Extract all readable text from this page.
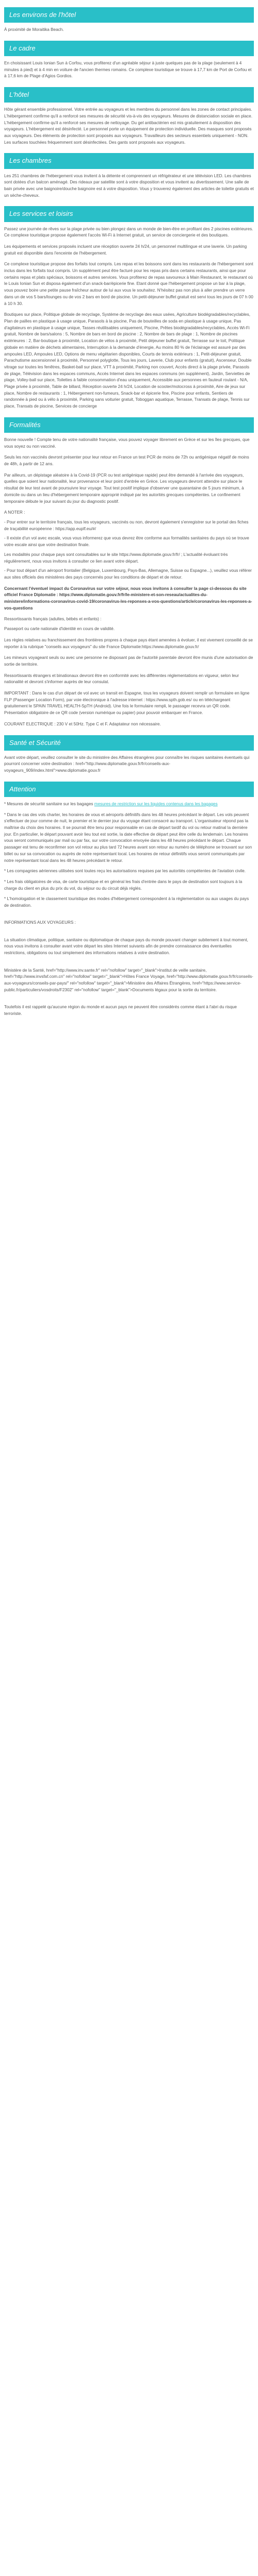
Les environs de l'hôtel

À proximité de Moraitika Beach.

Le cadre

En choisissant Louis Ionian Sun à Corfou, vous profiterez d'un agréable séjour à juste quelques pas de la plage (seulement à 4 minutes à pied) et à 4 min en voiture de l'ancien thermes romains. Ce complexe touristique se trouve à 17,7 km de Port de Corfou et à 17,6 km de Plage d'Agios Gordios.

L'hôtel

Hôte gérant ensemble professionnel. Votre entrée au voyageurs et les membres du personnel dans les zones de contact principales. L'hébergement confirme qu'il a renforcé ses mesures de sécurité vis-à-vis des voyageurs. Mesures de distanciation sociale en place. L'hébergement confirme qu'il a renforcé ses mesures de nettoyage. Du gel antibactérien est mis gratuitement à disposition des voyageurs. L'hébergement est désinfecté. Le personnel porte un équipement de protection individuelle. Des masques sont proposés aux voyageurs. Des éléments de protection sont proposés aux voyageurs. Travailleurs des secteurs essentiels uniquement - NON. Les surfaces touchées fréquemment sont désinfectées. Des gants sont proposés aux voyageurs.

Les chambres

Les 251 chambres de l'hébergement vous invitent à la détente et comprennent un réfrigérateur et une télévision LED. Les chambres sont dotées d'un balcon aménagé. Des rideaux par satellite sont à votre disposition et vous invitent au divertissement. Une salle de bain privée avec une baignoire/douche baignoire est à votre disposition. Vous y trouverez également des articles de toilette gratuits et un sèche-cheveux.

Les services et loisirs

Passez une journée de rêves sur la plage privée ou bien plongez dans un monde de bien-être en profitant des 2 piscines extérieures. Ce complexe touristique propose également l'accès Wi-Fi à Internet gratuit, un service de conciergerie et des boutiques.

Les équipements et services proposés incluent une réception ouverte 24 h/24, un personnel multilingue et une laverie. Un parking gratuit est disponible dans l'enceinte de l'hébergement.

Ce complexe touristique propose des forfaits tout compris. Les repas et les boissons sont dans les restaurants de l'hébergement sont inclus dans les forfaits tout compris. Un supplément peut être facturé pour les repas pris dans certains restaurants, ainsi que pour certains repas et plats spéciaux, boissons et autres services. Vous profiterez de repas savoureux à Main Restaurant, le restaurant où le Louis Ionian Sun et disposa également d'un snack-bar/épicerie fine. Etant donné que l'hébergement propose un bar à la plage, vous pouvez boire une petite pause fraîcheur autour de lui aux vous le souhaitez. N'hésitez pas non plus à aller prendre un verre dans un de vos 5 bars/lounges ou de vos 2 bars en bord de piscine. Un petit-déjeuner buffet gratuit est servi tous les jours de 07 h 00 à 10 h 30.

Boutiques sur place, Politique globale de recyclage, Système de recyclage des eaux usées, Agriculture biodégradables/recyclables, Plan de pailles en plastique à usage unique, Parasols à la piscine, Pas de bouteilles de soda en plastique à usage unique, Pas d'agitateurs en plastique à usage unique, Tasses réutilisables uniquement, Piscine, Prêtes biodégradables/recyclables, Accès Wi-Fi gratuit, Nombre de bars/salons : 5, Nombre de bars en bord de piscine : 2, Nombre de bars de plage : 1, Nombre de piscines extérieures : 2, Bar-boutique à proximité, Location de vélos à proximité, Petit déjeuner buffet gratuit, Terrasse sur le toit, Politique globale en matière de déchets alimentaires, Interruption à la demande d'énergie, Au moins 80 % de l'éclairage est assuré par des ampoules LED, Ampoules LED, Options de menu végétarien disponibles, Courts de tennis extérieurs : 1, Petit-déjeuner gratuit, Parachutisme ascensionnel à proximité, Personnel polyglotte, Tous les jours, Laverie, Club pour enfants (gratuit), Ascenseur, Double vitrage sur toutes les fenêtres, Basket-ball sur place, VTT à proximité, Parking non couvert, Accès direct à la plage privée, Parasols de plage, Télévision dans les espaces communs, Accès Internet dans les espaces communs (en supplément), Jardin, Serviettes de plage, Volley-ball sur place, Toilettes à faible consommation d'eau uniquement, Accessible aux personnes en fauteuil roulant - N/A, Plage privée à proximité, Table de billard, Réception ouverte 24 h/24, Location de scooter/motocross à proximité, Aire de jeux sur place, Nombre de restaurants : 1, Hébergement non-fumeurs, Snack-bar et épicerie fine, Piscine pour enfants, Sentiers de randonnée à pied ou à vélo à proximité, Parking sans voiturier gratuit, Toboggan aquatique, Terrasse, Transats de plage, Tennis sur place, Transats de piscine, Services de concierge

Formalités

Bonne nouvelle ! Compte tenu de votre nationalité française, vous pouvez voyager librement en Grèce et sur les îles grecques, que vous soyez ou non vacciné.

Seuls les non vaccinés devront présenter pour leur retour en France un test PCR de moins de 72h ou antigénique négatif de moins de 48h, à partir de 12 ans.

Par ailleurs, un dépistage aléatoire à la Covid-19 (PCR ou test antigénique rapide) peut être demandé à l'arrivée des voyageurs, quelles que soient leur nationalité, leur provenance et leur point d'entrée en Grèce. Les voyageurs devront attendre sur place le résultat de leur test avant de poursuivre leur voyage. Tout test positif implique d'observer une quarantaine de 5 jours minimum, à domicile ou dans un lieu d'hébergement temporaire approprié indiqué par les autorités grecques compétentes. Le confinement temporaire débute le jour suivant du jour du diagnostic positif.

A NOTER :

- Pour entrer sur le territoire français, tous les voyageurs, vaccinés ou non, devront également s'enregistrer sur le portail des fiches de traçabilité européenne : https://app.euplf.eu/#/

- Il existe d'un vol avec escale, vous vous informerez que vous devrez être conforme aux formalités sanitaires du pays où se trouve votre escale ainsi que votre destination finale.

Les modalités pour chaque pays sont consultables sur le site https://www.diplomatie.gouv.fr/fr/ ; L'actualité évoluant très régulièrement, nous vous invitons à consulter ce lien avant votre départ.

- Pour tout départ d'un aéroport frontalier (Belgique, Luxembourg, Pays-Bas, Allemagne, Suisse ou Espagne...), veuillez vous référer aux sites officiels des ministères des pays concernés pour les conditions de départ et de retour.

Concernant l'éventuel impact du Coronavirus sur votre séjour, nous vous invitons à consulter la page ci-dessous du site officiel France Diplomatie : https://www.diplomatie.gouv.fr/fr/le-ministere-et-son-reseau/actualites-du-ministere/informations-coronavirus-covid-19/coronavirus-les-reponses-a-vos-questions/article/coronavirus-les-reponses-a-vos-questions

Ressortissants français (adultes, bébés et enfants) :

Passeport ou carte nationale d'identité en cours de validité.

Les règles relatives au franchissement des frontières propres à chaque pays étant amenées à évoluer, il est vivement conseillé de se reporter à la rubrique "conseils aux voyageurs" du site France Diplomatie:https://www.diplomatie.gouv.fr/

Les mineurs voyageant seuls ou avec une personne ne disposant pas de l'autorité parentale devront être munis d'une autorisation de sortie de territoire.

Ressortissants étrangers et binationaux devront être en conformité avec les différentes réglementations en vigueur, selon leur nationalité et devront s'informer auprès de leur consulat.

IMPORTANT : Dans le cas d'un départ de vol avec un transit en Espagne, tous les voyageurs doivent remplir un formulaire en ligne FLP (Passenger Location Form), par voie électronique à l'adresse internet : https://www.spth.gob.es/ ou en téléchargeant gratuitement le SPAIN TRAVEL HEALTH-SpTH (Android). Une fois le formulaire rempli, le passager recevra un QR code. Présentation obligatoire de ce QR code (version numérique ou papier) pour pouvoir embarquer en France.

COURANT ELECTRIQUE : 230 V et 50Hz. Type C et F. Adaptateur non nécessaire.

Santé et Sécurité

Avant votre départ, veuillez consulter le site du ministère des Affaires étrangères pour connaître les risques sanitaires éventuels qui pourront concerner votre destination : href="http://www.diplomatie.gouv.fr/fr/conseils-aux-voyageurs_909/index.html">www.diplomatie.gouv.fr

Attention
* Mesures de sécurité sanitaire sur les bagages mesures de restriction sur les liquides contenus dans les bagages
* Dans le cas des vols charter, les horaires de vous et aéroports définitifs dans les 48 heures précédant le départ. Les vols peuvent s'effectuer de jour comme de nuit, le premier et le dernier jour du voyage étant consacré au transport. L'organisateur répond pas la maîtrise du choix des horaires. Il se pourrait être tenu pour responsable en cas de départ tardif du vol ou retour matinal la dernière jour. En particulier, le départ pouvant avoir lieu tout est sortie, la date effective de départ peut être celle du lendemain. Les horaires vous seront communiqués par mail ou par fax, sur votre convocation envoyée dans les 48 heures précédant le départ. Chaque passager est tenu de reconfirmer son vol retour au plus tard 72 heures avant son retour au numéro de téléphone se trouvant sur son billet ou sur sa convocation ou auprès de notre représentant local. Les horaires de retour définitifs vous seront communiqués par notre représentant local dans les 48 heures précédant le retour.
* Les compagnies aériennes utilisées sont toutes reçu les autorisations requises par les autorités compétentes de l'aviation civile.
* Les frais obligatoires de visa, de carte touristique et en général les frais d'entrée dans le pays de destination sont toujours à la charge du client en plus du prix du vol, du séjour ou du circuit déjà réglés.
* L'homologation et le classement touristique des modes d'hébergement correspondent à la réglementation ou aux usages du pays de destination.

INFORMATIONS AUX VOYAGEURS :

La situation climatique, politique, sanitaire ou diplomatique de chaque pays du monde pouvant changer subitement à tout moment, nous vous invitons à consulter avant votre départ les sites Internet suivants afin de prendre connaissance des éventuelles restrictions, obligations ou tout simplement des informations relatives à votre destination.

Ministère de la Santé, href="http://www.inv.sante.fr" rel="nofollow" target="_blank">Institut de veille sanitaire, href="http://www.invsfaf.com.cn" rel="nofollow" target="_blank">Hôtes France Voyage, href="http://www.diplomatie.gouv.fr/fr/conseils-aux-voyageurs/conseils-par-pays/" rel="nofollow" target="_blank">Ministère des Affaires Étrangères, href="https://www.service-public.fr/particuliers/vosdroits/F2302" rel="nofollow" target="_blank">Documents légaux pour la sortie du territoire.

Toutefois il est rappelé qu'aucune région du monde et aucun pays ne peuvent être considérés comme étant à l'abri du risque terroriste.
